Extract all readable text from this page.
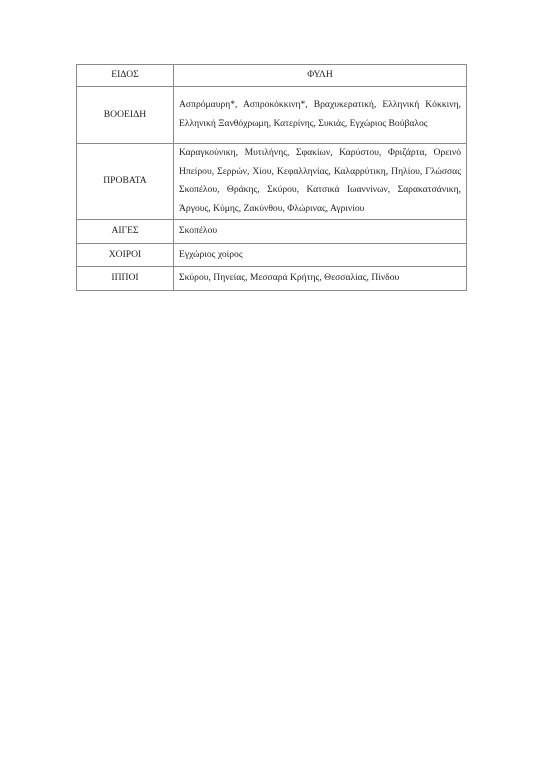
ΕΙΔΟΣ	ΦΥΛΗ
ΒΟΟΕΙΔΗ	Ασπρόμαυρη*, Ασπροκόκκινη*, Βραχυκερατική, Ελληνική Κόκκινη, Ελληνική Ξανθόχρωμη, Κατερίνης, Συκιάς, Εγχώριος Βούβαλος
ΠΡΟΒΑΤΑ	Καραγκούνικη, Μυτιλήνης, Σφακίων, Καρύστου, Φριζάρτα, Ορεινό Ηπείρου, Σερρών, Χίου, Κεφαλληνίας, Καλαρρύτικη, Πηλίου, Γλώσσας Σκοπέλου, Θράκης, Σκύρου, Κατσικά Ιωαννίνων, Σαρακατσάνικη, Άργους, Κύμης, Ζακύνθου, Φλώρινας, Αγρινίου
ΑΙΓΕΣ	Σκοπέλου
ΧΟΙΡΟΙ	Εγχώριος χοίρος
ΙΠΠΟΙ	Σκύρου, Πηνείας, Μεσσαρά Κρήτης, Θεσσαλίας, Πίνδου
